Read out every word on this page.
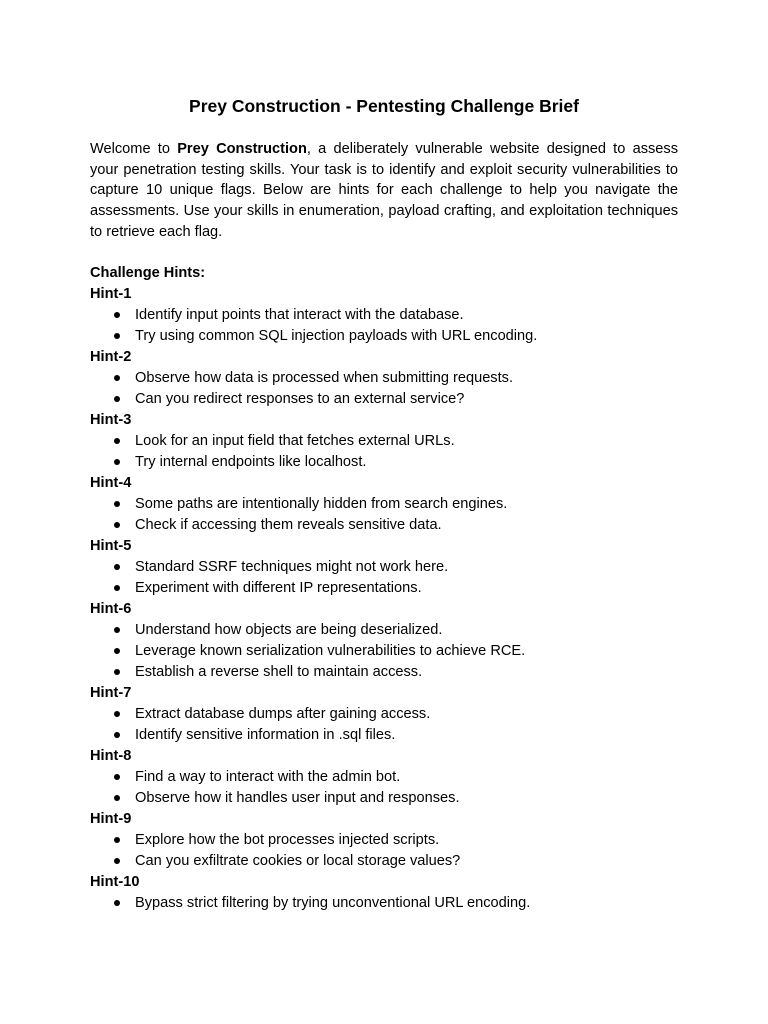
Prey Construction - Pentesting Challenge Brief

Welcome to Prey Construction, a deliberately vulnerable website designed to assess your penetration testing skills. Your task is to identify and exploit security vulnerabilities to capture 10 unique flags. Below are hints for each challenge to help you navigate the assessments. Use your skills in enumeration, payload crafting, and exploitation techniques to retrieve each flag.

Challenge Hints:
Hint-1
Identify input points that interact with the database.
Try using common SQL injection payloads with URL encoding.
Hint-2
Observe how data is processed when submitting requests.
Can you redirect responses to an external service?
Hint-3
Look for an input field that fetches external URLs.
Try internal endpoints like localhost.
Hint-4
Some paths are intentionally hidden from search engines.
Check if accessing them reveals sensitive data.
Hint-5
Standard SSRF techniques might not work here.
Experiment with different IP representations.
Hint-6
Understand how objects are being deserialized.
Leverage known serialization vulnerabilities to achieve RCE.
Establish a reverse shell to maintain access.
Hint-7
Extract database dumps after gaining access.
Identify sensitive information in .sql files.
Hint-8
Find a way to interact with the admin bot.
Observe how it handles user input and responses.
Hint-9
Explore how the bot processes injected scripts.
Can you exfiltrate cookies or local storage values?
Hint-10
Bypass strict filtering by trying unconventional URL encoding.
